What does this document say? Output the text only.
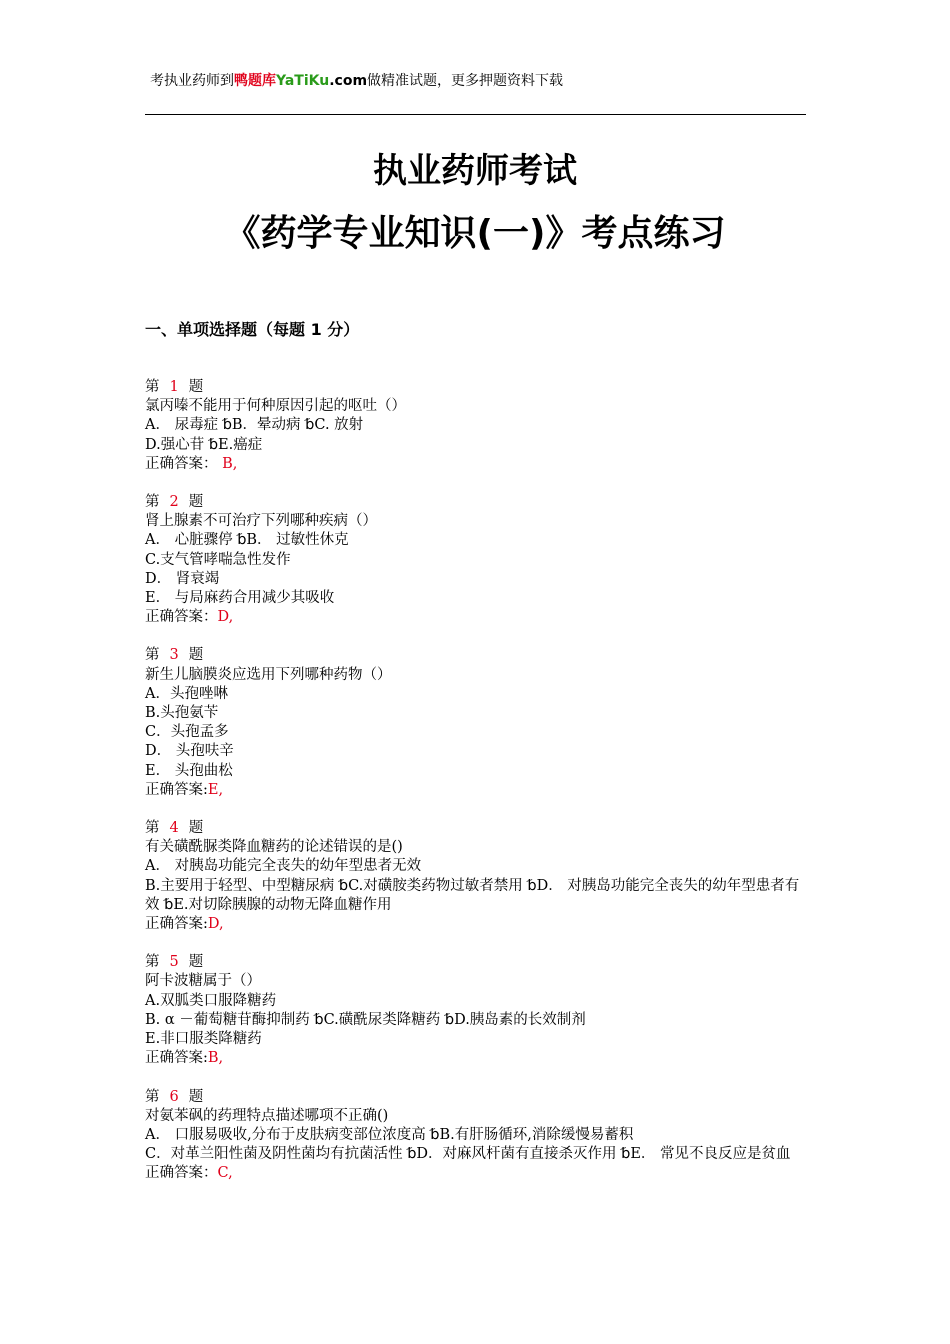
考执业药师到鸭题库YaTiKu.com做精准试题，更多押题资料下载
执业药师考试
《药学专业知识(一)》考点练习
一、单项选择题（每题 1 分）
第 1 题
氯丙嗪不能用于何种原因引起的呕吐（）
A． 尿毒症 ␢B．晕动病 ␢C. 放射
D.强心苷 ␢E.癌症
正确答案： B,
第 2 题
肾上腺素不可治疗下列哪种疾病（）
A． 心脏骤停 ␢B． 过敏性休克
C.支气管哮喘急性发作
D． 肾衰竭
E． 与局麻药合用减少其吸收
正确答案：D,
第 3 题
新生儿脑膜炎应选用下列哪种药物（）
A．头孢唑啉
B.头孢氨苄
C．头孢孟多
D． 头孢呋辛
E． 头孢曲松
正确答案:E,
第 4 题
有关磺酰脲类降血糖药的论述错误的是()
A． 对胰岛功能完全丧失的幼年型患者无效
B.主要用于轻型、中型糖尿病 ␢C.对磺胺类药物过敏者禁用 ␢D． 对胰岛功能完全丧失的幼年型患者有效 ␢E.对切除胰腺的动物无降血糖作用
正确答案:D,
第 5 题
阿卡波糖属于（）
A.双胍类口服降糖药
B. α －葡萄糖苷酶抑制药 ␢C.磺酰尿类降糖药 ␢D.胰岛素的长效制剂
E.非口服类降糖药
正确答案:B,
第 6 题
对氨苯砜的药理特点描述哪项不正确()
A． 口服易吸收,分布于皮肤病变部位浓度高 ␢B.有肝肠循环,消除缓慢易蓄积
C．对革兰阳性菌及阴性菌均有抗菌活性 ␢D．对麻风杆菌有直接杀灭作用 ␢E． 常见不良反应是贫血
正确答案：C,
